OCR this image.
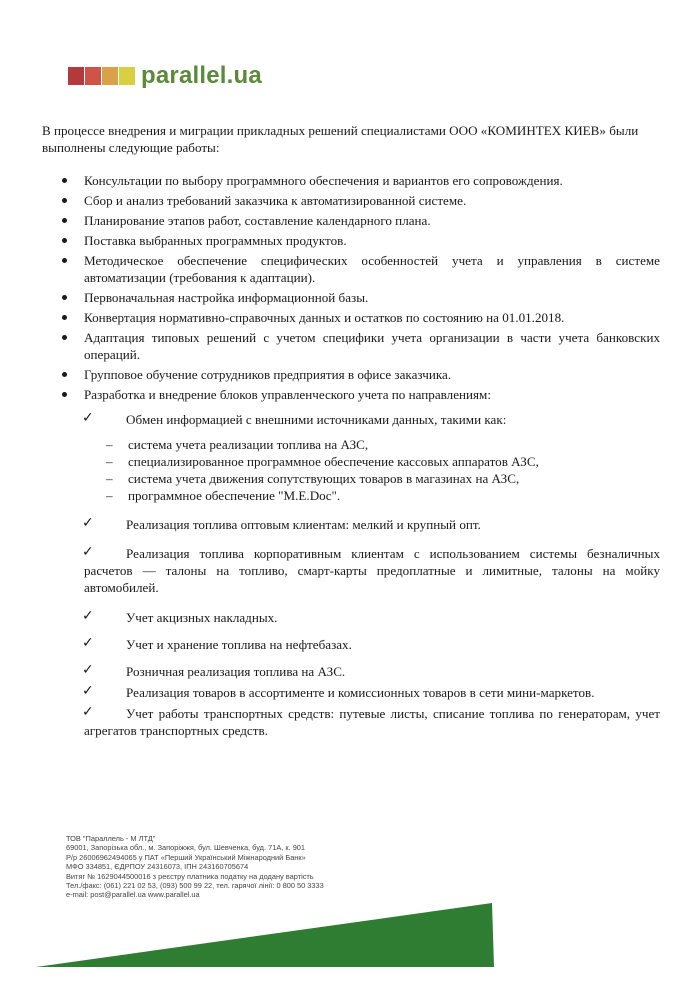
parallel.ua

В процессе внедрения и миграции прикладных решений специалистами ООО «КОМИНТЕХ КИЕВ» были выполнены следующие работы:

Консультации по выбору программного обеспечения и вариантов его сопровождения.
Сбор и анализ требований заказчика к автоматизированной системе.
Планирование этапов работ, составление календарного плана.
Поставка выбранных программных продуктов.
Методическое обеспечение специфических особенностей учета и управления в системе автоматизации (требования к адаптации).
Первоначальная настройка информационной базы.
Конвертация нормативно-справочных данных и остатков по состоянию на 01.01.2018.
Адаптация типовых решений с учетом специфики учета организации в части учета банковских операций.
Групповое обучение сотрудников предприятия в офисе заказчика.
Разработка и внедрение блоков управленческого учета по направлениям:
✓	Обмен информацией с внешними источниками данных, такими как:
– система учета реализации топлива на АЗС,
– специализированное программное обеспечение кассовых аппаратов АЗС,
– система учета движения сопутствующих товаров в магазинах на АЗС,
– программное обеспечение "M.E.Doc".
✓	Реализация топлива оптовым клиентам: мелкий и крупный опт.
✓	Реализация топлива корпоративным клиентам с использованием системы безналичных расчетов — талоны на топливо, смарт-карты предоплатные и лимитные, талоны на мойку автомобилей.
✓	Учет акцизных накладных.
✓	Учет и хранение топлива на нефтебазах.
✓	Розничная реализация топлива на АЗС.
✓	Реализация товаров в ассортименте и комиссионных товаров в сети мини-маркетов.
✓	Учет работы транспортных средств: путевые листы, списание топлива по генераторам, учет агрегатов транспортных средств.
ТОВ "Параллель - М ЛТД"
69001, Запорізька обл., м. Запоріжжя, бул. Шевченка, буд. 71А, к. 901
Р/р 26006962494065 у ПАТ «Перший Український Міжнародний Банк»
МФО 334851, ЄДРПОУ 24316073, ІПН 243160705674
Витяг № 1629044500016 з реєстру платника податку на додану вартість
Тел./факс: (061) 221 02 53, (093) 500 99 22, тел. гарячої лінії: 0 800 50 3333
e-mail: post@parallel.ua www.parallel.ua
